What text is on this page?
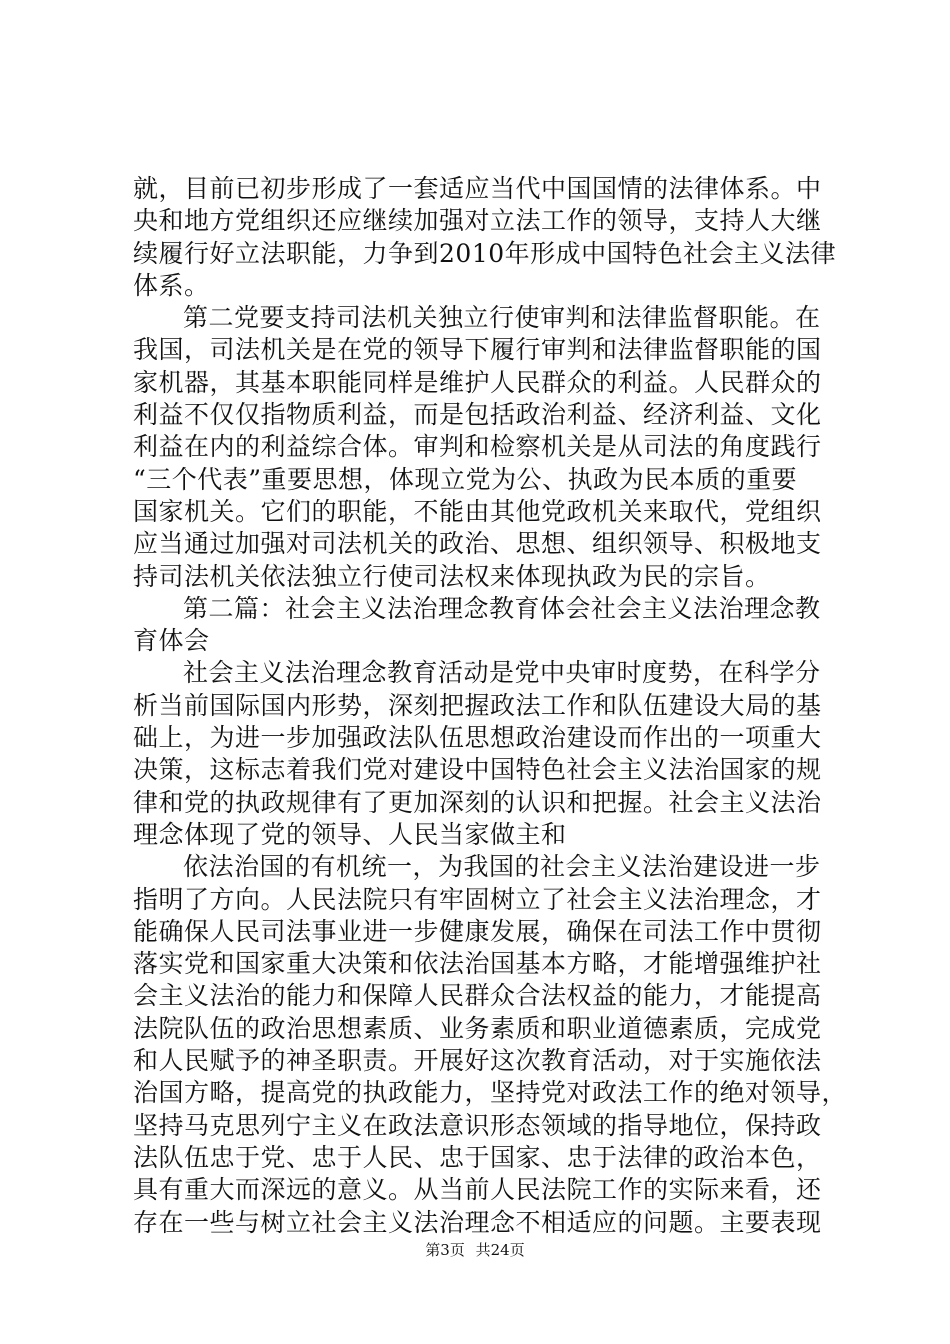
就，目前已初步形成了一套适应当代中国国情的法律体系。中
央和地方党组织还应继续加强对立法工作的领导，支持人大继
续履行好立法职能，力争到2010年形成中国特色社会主义法律
体系。
第二党要支持司法机关独立行使审判和法律监督职能。在
我国，司法机关是在党的领导下履行审判和法律监督职能的国
家机器，其基本职能同样是维护人民群众的利益。人民群众的
利益不仅仅指物质利益，而是包括政治利益、经济利益、文化
利益在内的利益综合体。审判和检察机关是从司法的角度践行
“三个代表”重要思想，体现立党为公、执政为民本质的重要
国家机关。它们的职能，不能由其他党政机关来取代，党组织
应当通过加强对司法机关的政治、思想、组织领导、积极地支
持司法机关依法独立行使司法权来体现执政为民的宗旨。
第二篇：社会主义法治理念教育体会社会主义法治理念教
育体会
社会主义法治理念教育活动是党中央审时度势，在科学分
析当前国际国内形势，深刻把握政法工作和队伍建设大局的基
础上，为进一步加强政法队伍思想政治建设而作出的一项重大
决策，这标志着我们党对建设中国特色社会主义法治国家的规
律和党的执政规律有了更加深刻的认识和把握。社会主义法治
理念体现了党的领导、人民当家做主和
依法治国的有机统一，为我国的社会主义法治建设进一步
指明了方向。人民法院只有牢固树立了社会主义法治理念，才
能确保人民司法事业进一步健康发展，确保在司法工作中贯彻
落实党和国家重大决策和依法治国基本方略，才能增强维护社
会主义法治的能力和保障人民群众合法权益的能力，才能提高
法院队伍的政治思想素质、业务素质和职业道德素质，完成党
和人民赋予的神圣职责。开展好这次教育活动，对于实施依法
治国方略，提高党的执政能力，坚持党对政法工作的绝对领导，
坚持马克思列宁主义在政法意识形态领域的指导地位，保持政
法队伍忠于党、忠于人民、忠于国家、忠于法律的政治本色，
具有重大而深远的意义。从当前人民法院工作的实际来看，还
存在一些与树立社会主义法治理念不相适应的问题。主要表现
第3页 共24页
